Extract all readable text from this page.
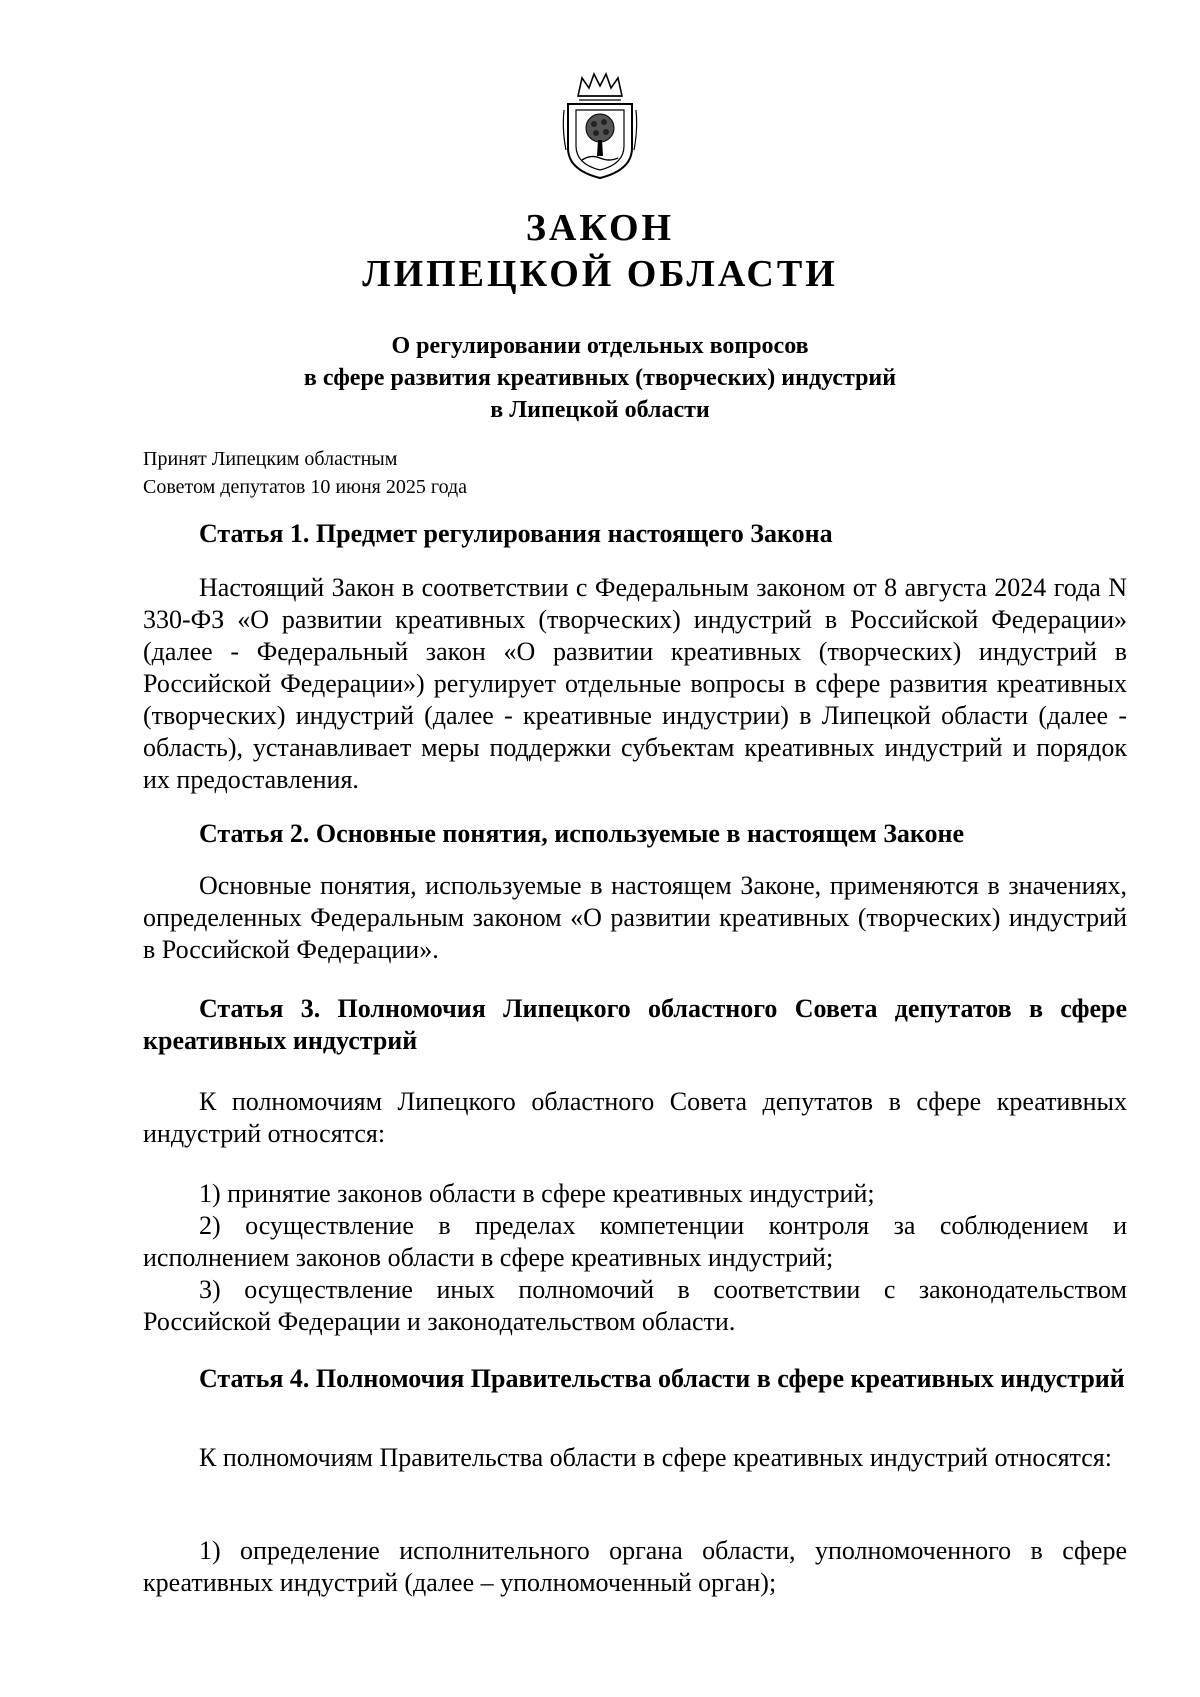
ЗАКОН
ЛИПЕЦКОЙ ОБЛАСТИ
О регулировании отдельных вопросов
в сфере развития креативных (творческих) индустрий
в Липецкой области
Принят Липецким областным
Советом депутатов 10 июня 2025 года

Статья 1. Предмет регулирования настоящего Закона

Настоящий Закон в соответствии с Федеральным законом от 8 августа 2024 года N 330-ФЗ «О развитии креативных (творческих) индустрий в Российской Федерации» (далее - Федеральный закон «О развитии креативных (творческих) индустрий в Российской Федерации») регулирует отдельные вопросы в сфере развития креативных (творческих) индустрий (далее - креативные индустрии) в Липецкой области (далее - область), устанавливает меры поддержки субъектам креативных индустрий и порядок их предоставления.

Статья 2. Основные понятия, используемые в настоящем Законе

Основные понятия, используемые в настоящем Законе, применяются в значениях, определенных Федеральным законом «О развитии креативных (творческих) индустрий в Российской Федерации».

Статья 3. Полномочия Липецкого областного Совета депутатов в сфере креативных индустрий

К полномочиям Липецкого областного Совета депутатов в сфере креативных индустрий относятся:

1) принятие законов области в сфере креативных индустрий;

2) осуществление в пределах компетенции контроля за соблюдением и исполнением законов области в сфере креативных индустрий;

3) осуществление иных полномочий в соответствии с законодательством Российской Федерации и законодательством области.

Статья 4. Полномочия Правительства области в сфере креативных индустрий

К полномочиям Правительства области в сфере креативных индустрий относятся:

1) определение исполнительного органа области, уполномоченного в сфере креативных индустрий (далее – уполномоченный орган);
